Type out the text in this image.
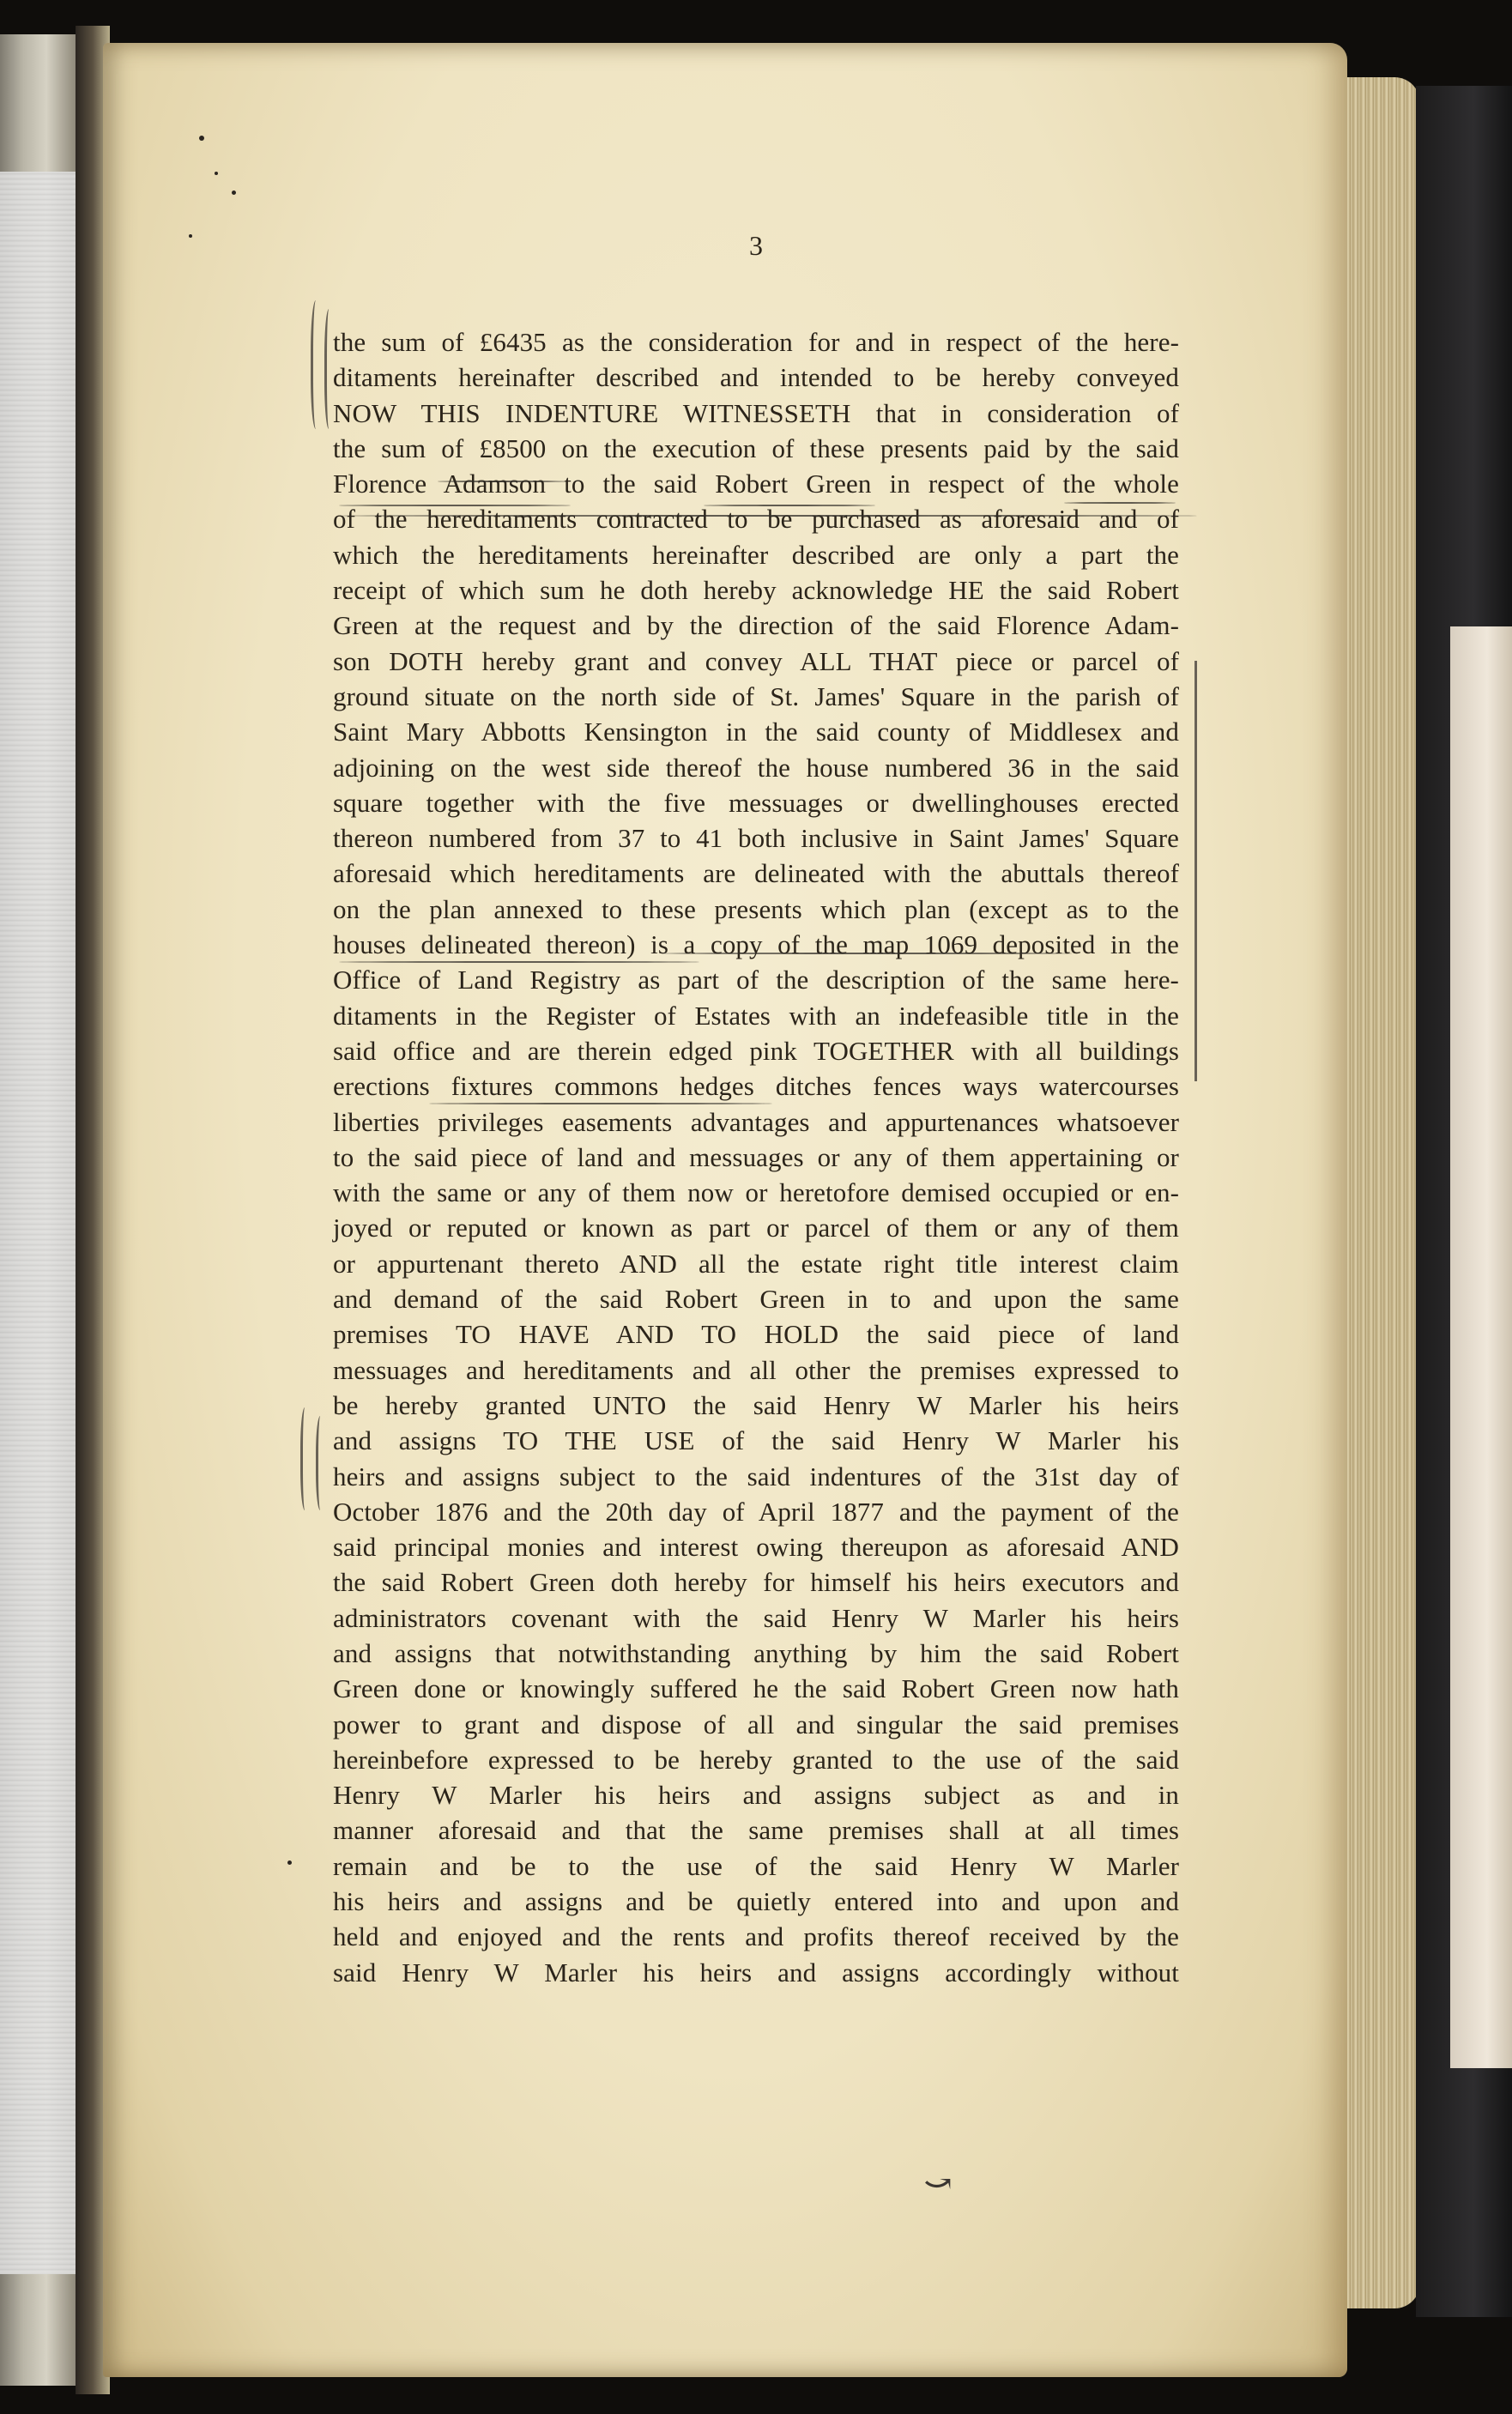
3
the sum of £6435 as the consideration for and in respect of the here-
ditaments hereinafter described and intended to be hereby conveyed
NOW THIS INDENTURE WITNESSETH that in consideration of
the sum of £8500 on the execution of these presents paid by the said
Florence Adamson to the said Robert Green in respect of the whole
of the hereditaments contracted to be purchased as aforesaid and of
which the hereditaments hereinafter described are only a part the
receipt of which sum he doth hereby acknowledge HE the said Robert
Green at the request and by the direction of the said Florence Adam-
son DOTH hereby grant and convey ALL THAT piece or parcel of
ground situate on the north side of St. James' Square in the parish of
Saint Mary Abbotts Kensington in the said county of Middlesex and
adjoining on the west side thereof the house numbered 36 in the said
square together with the five messuages or dwellinghouses erected
thereon numbered from 37 to 41 both inclusive in Saint James' Square
aforesaid which hereditaments are delineated with the abuttals thereof
on the plan annexed to these presents which plan (except as to the
houses delineated thereon) is a copy of the map 1069 deposited in the
Office of Land Registry as part of the description of the same here-
ditaments in the Register of Estates with an indefeasible title in the
said office and are therein edged pink TOGETHER with all buildings
erections fixtures commons hedges ditches fences ways watercourses
liberties privileges easements advantages and appurtenances whatsoever
to the said piece of land and messuages or any of them appertaining or
with the same or any of them now or heretofore demised occupied or en-
joyed or reputed or known as part or parcel of them or any of them
or appurtenant thereto AND all the estate right title interest claim
and demand of the said Robert Green in to and upon the same
premises TO HAVE AND TO HOLD the said piece of land
messuages and hereditaments and all other the premises expressed to
be hereby granted UNTO the said Henry W Marler his heirs
and assigns TO THE USE of the said Henry W Marler his
heirs and assigns subject to the said indentures of the 31st day of
October 1876 and the 20th day of April 1877 and the payment of the
said principal monies and interest owing thereupon as aforesaid AND
the said Robert Green doth hereby for himself his heirs executors and
administrators covenant with the said Henry W Marler his heirs
and assigns that notwithstanding anything by him the said Robert
Green done or knowingly suffered he the said Robert Green now hath
power to grant and dispose of all and singular the said premises
hereinbefore expressed to be hereby granted to the use of the said
Henry W Marler his heirs and assigns subject as and in
manner aforesaid and that the same premises shall at all times
remain and be to the use of the said Henry W Marler
his heirs and assigns and be quietly entered into and upon and
held and enjoyed and the rents and profits thereof received by the
said Henry W Marler his heirs and assigns accordingly without
⤻
